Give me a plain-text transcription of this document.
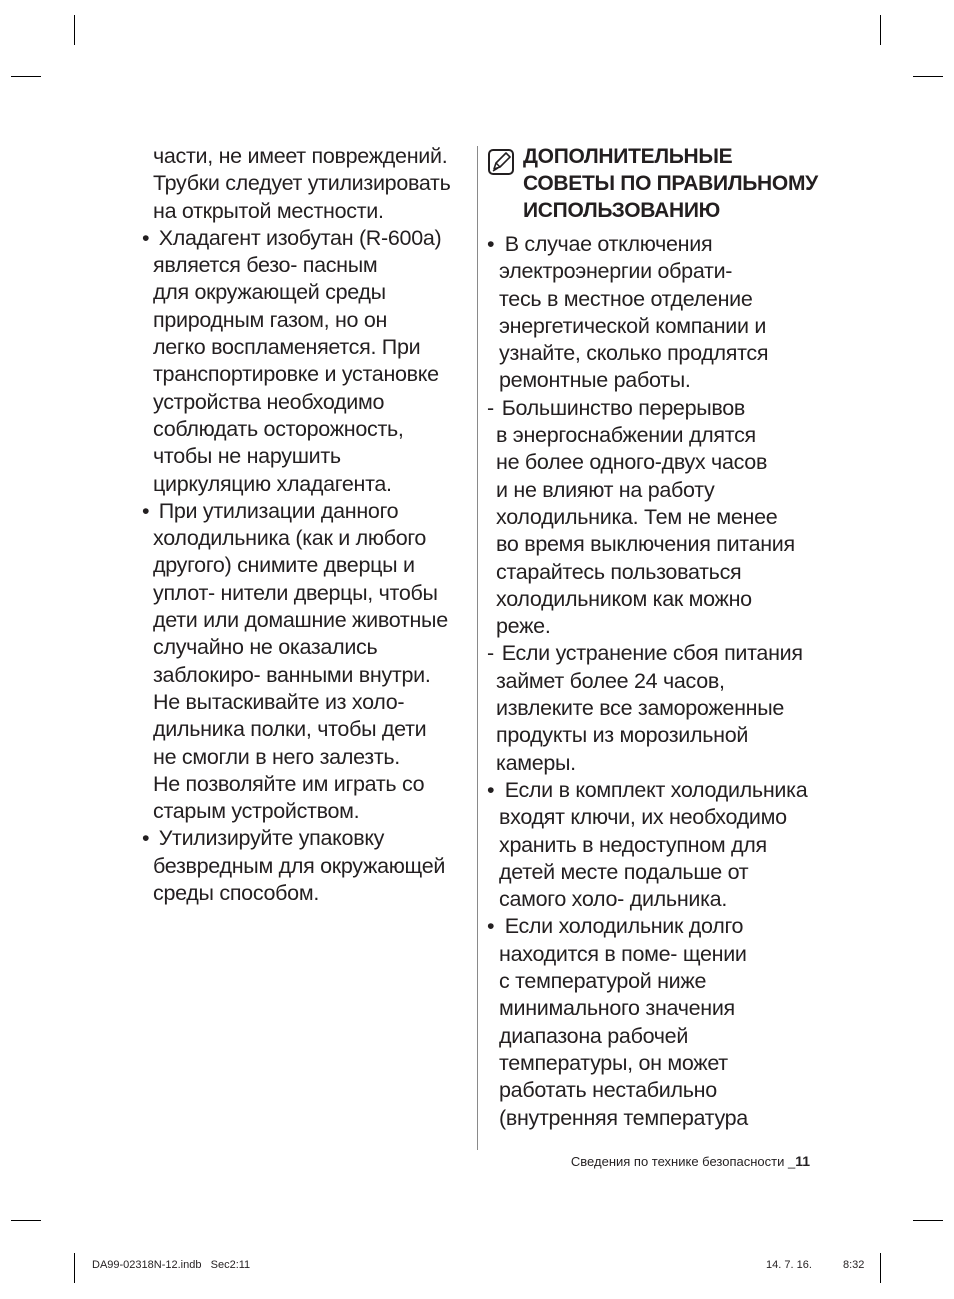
части, не имеет повреждений.
Трубки следует утилизировать
на открытой местности.
• Хладагент изобутан (R-600a)
является безо- пасным
для окружающей среды
природным газом, но он
легко воспламеняется. При
транспортировке и установке
устройства необходимо
соблюдать осторожность,
чтобы не нарушить
циркуляцию хладагента.
• При утилизации данного
холодильника (как и любого
другого) снимите дверцы и
уплот- нители дверцы, чтобы
дети или домашние животные
случайно не оказались
заблокиро- ванными внутри.
Не вытаскивайте из холо-
дильника полки, чтобы дети
не смогли в него залезть.
Не позволяйте им играть со
старым устройством.
• Утилизируйте упаковку
безвредным для окружающей
среды способом.
ДОПОЛНИТЕЛЬНЫЕ
СОВЕТЫ ПО ПРАВИЛЬНОМУ
ИСПОЛЬЗОВАНИЮ
• В случае отключения
электроэнергии обрати-
тесь в местное отделение
энергетической компании и
узнайте, сколько продлятся
ремонтные работы.
- Большинство перерывов
в энергоснабжении длятся
не более одного-двух часов
и не влияют на работу
холодильника. Тем не менее
во время выключения питания
старайтесь пользоваться
холодильником как можно
реже.
- Если устранение сбоя питания
займет более 24 часов,
извлеките все замороженные
продукты из морозильной
камеры.
• Если в комплект холодильника
входят ключи, их необходимо
хранить в недоступном для
детей месте подальше от
самого холо- дильника.
• Если холодильник долго
находится в поме- щении
с температурой ниже
минимального значения
диапазона рабочей
температуры, он может
работать нестабильно
(внутренняя температура
Сведения по технике безопасности _11
DA99-02318N-12.indb   Sec2:11	14. 7. 16.	8:32
